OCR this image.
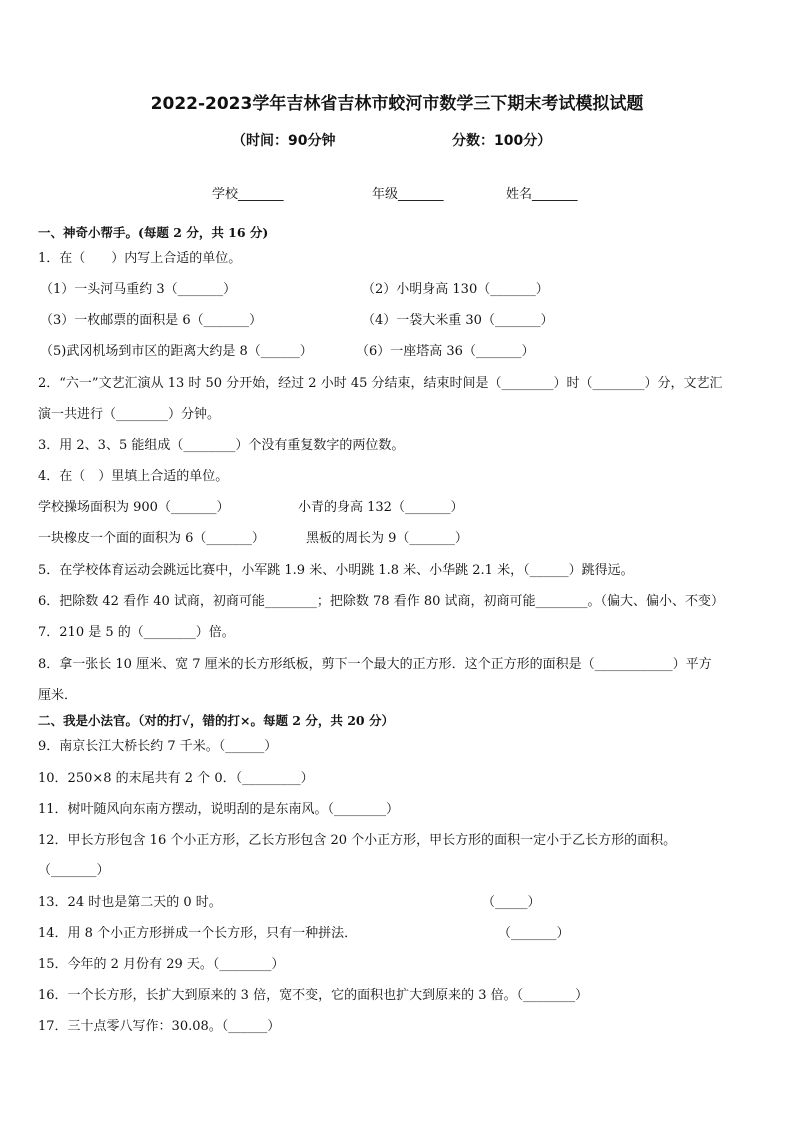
2022-2023学年吉林省吉林市蛟河市数学三下期末考试模拟试题
（时间：90分钟	分数：100分）
学校_______	年级_______	姓名_______
一、神奇小帮手。(每题 2 分，共 16 分)
1．在（　　）内写上合适的单位。
（1）一头河马重约 3（_______）	（2）小明身高 130（_______）
（3）一枚邮票的面积是 6（_______）	（4）一袋大米重 30（_______）
（5)武冈机场到市区的距离大约是 8（______）	（6）一座塔高 36（_______）
2．“六一”文艺汇演从 13 时 50 分开始，经过 2 小时 45 分结束，结束时间是（________）时（________）分，文艺汇
演一共进行（________）分钟。
3．用 2、3、5 能组成（________）个没有重复数字的两位数。
4．在（　）里填上合适的单位。
学校操场面积为 900（_______）	小青的身高 132（_______）
一块橡皮一个面的面积为 6（_______）	黑板的周长为 9（_______）
5．在学校体育运动会跳远比赛中，小军跳 1.9 米、小明跳 1.8 米、小华跳 2.1 米，（______）跳得远。
6．把除数 42 看作 40 试商，初商可能________；把除数 78 看作 80 试商，初商可能________。（偏大、偏小、不变）
7．210 是 5 的（________）倍。
8．拿一张长 10 厘米、宽 7 厘米的长方形纸板，剪下一个最大的正方形．这个正方形的面积是（____________）平方
厘米．
二、我是小法官。（对的打√，错的打×。每题 2 分，共 20 分）
9．南京长江大桥长约 7 千米。（______）
10．250×8 的末尾共有 2 个 0．（_________）
11．树叶随风向东南方摆动，说明刮的是东南风。（________）
12．甲长方形包含 16 个小正方形，乙长方形包含 20 个小正方形，甲长方形的面积一定小于乙长方形的面积。
（_______）
13．24 时也是第二天的 0 时。	（_____）
14．用 8 个小正方形拼成一个长方形，只有一种拼法．	（_______）
15．今年的 2 月份有 29 天。（________）
16．一个长方形，长扩大到原来的 3 倍，宽不变，它的面积也扩大到原来的 3 倍。（________）
17．三十点零八写作：30.08。（______）
